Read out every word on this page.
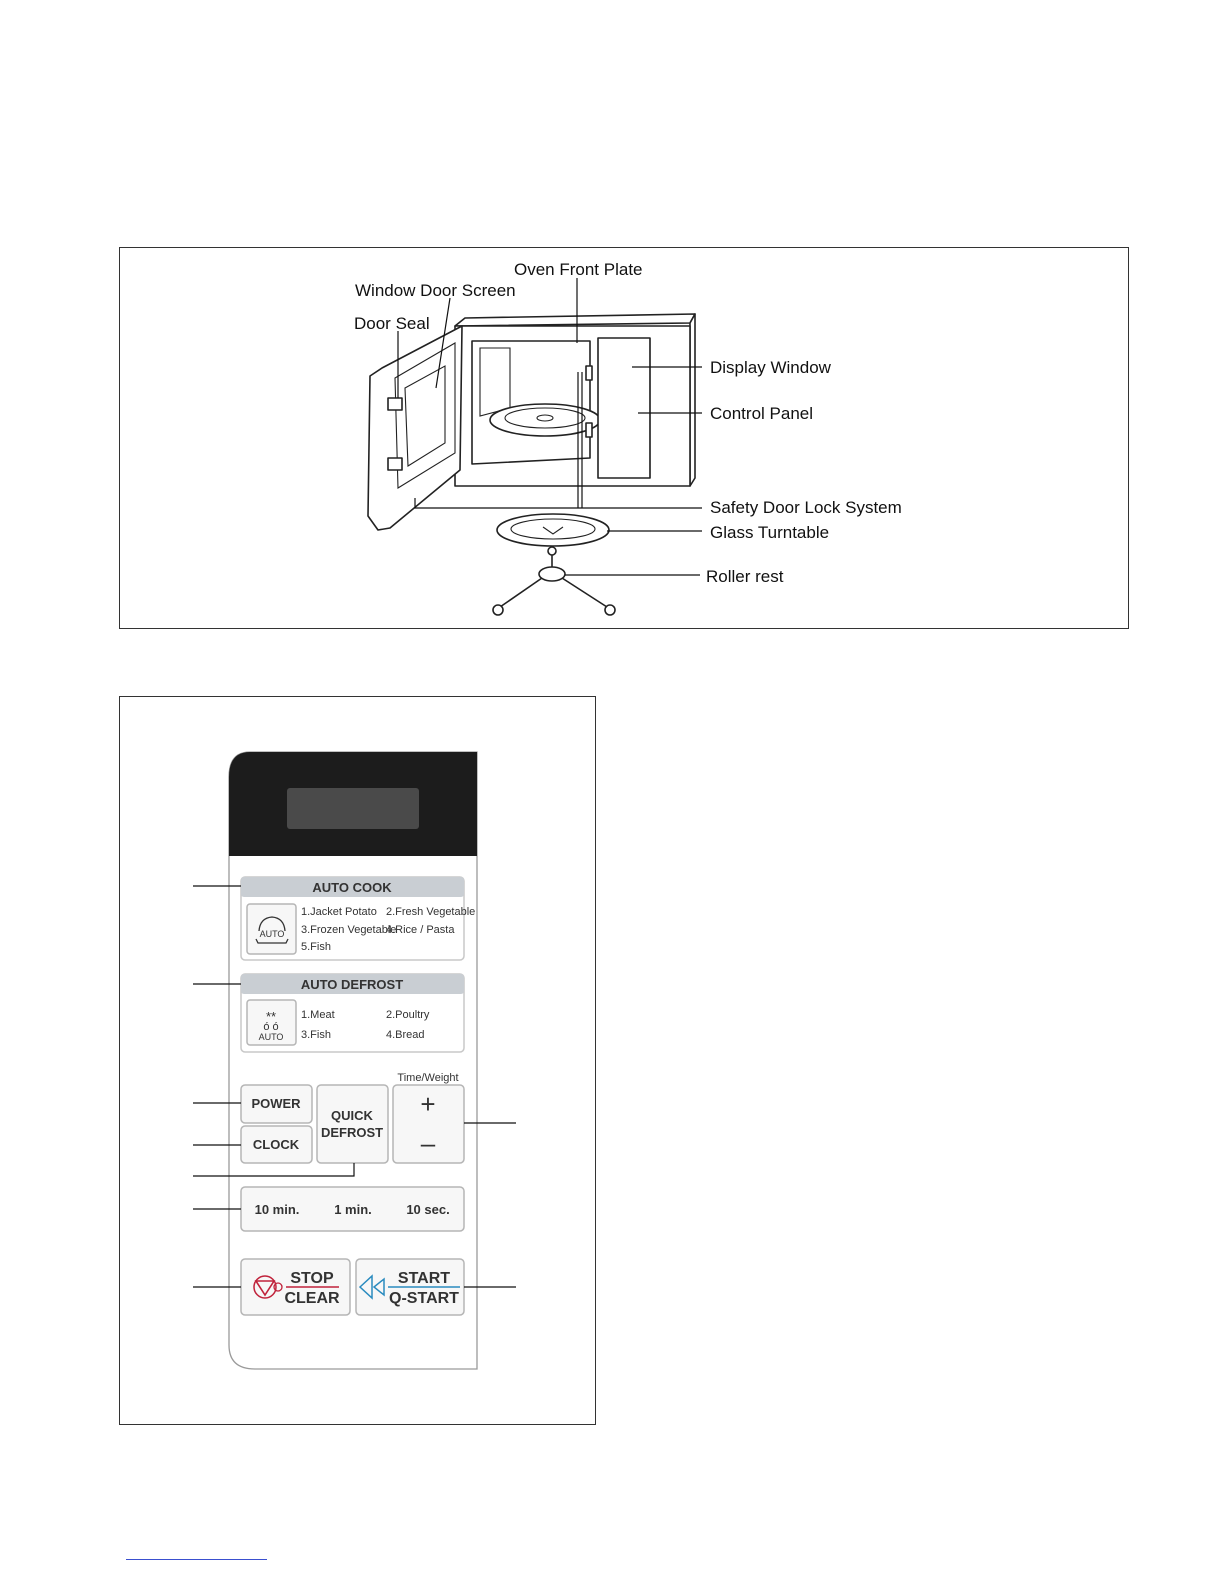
Oven Front Plate
Window Door Screen
Door Seal
Display Window
Control Panel
Safety Door Lock System
Glass Turntable
Roller rest
AUTO COOK
AUTO
1.Jacket Potato 2.Fresh Vegetable
3.Frozen Vegetable
4.Rice / Pasta
5.Fish
AUTO DEFROST
**
ó ó
AUTO
1.Meat	2.Poultry
3.Fish	4.Bread
Time/Weight
POWER
CLOCK
QUICK
DEFROST
+
–
10 min.	1 min.	10 sec.
STOP
CLEAR
START
Q-START
